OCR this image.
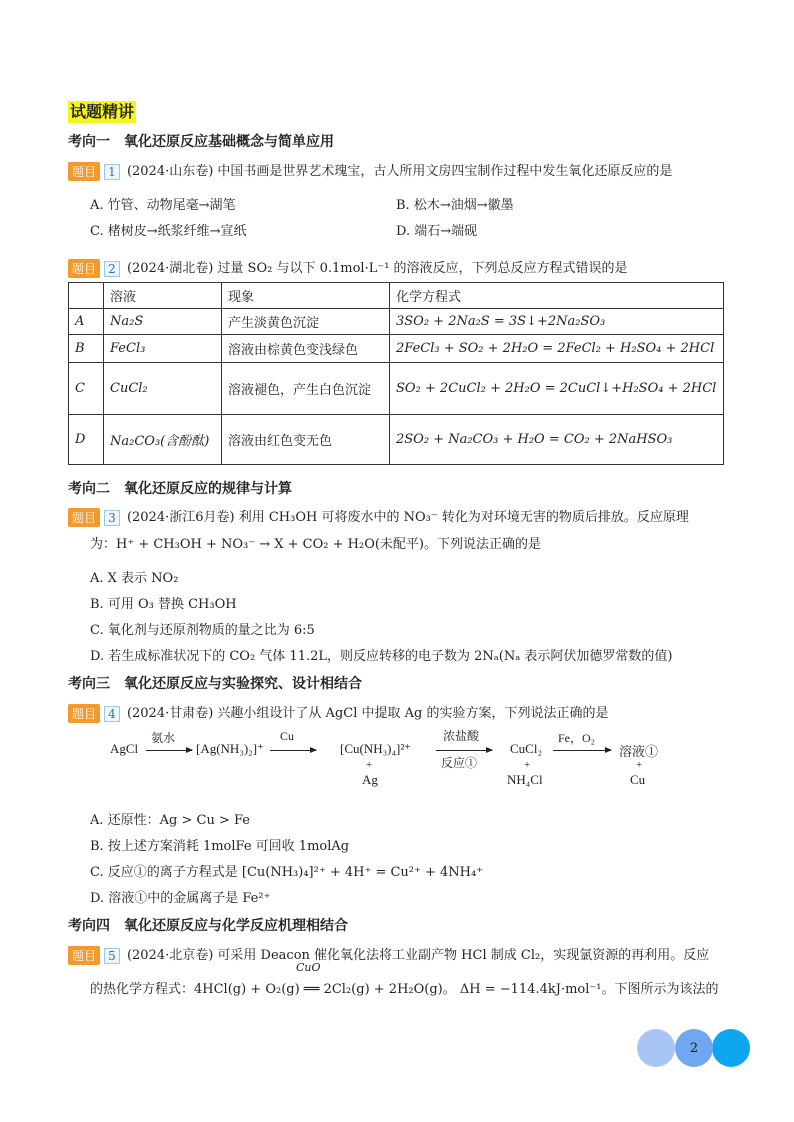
试题精讲
考向一　氧化还原反应基础概念与简单应用
题目 1 (2024·山东卷) 中国书画是世界艺术瑰宝，古人所用文房四宝制作过程中发生氧化还原反应的是
A. 竹管、动物尾毫→湖笔	B. 松木→油烟→徽墨
C. 楮树皮→纸浆纤维→宣纸	D. 端石→端砚
题目 2 (2024·湖北卷) 过量 SO₂ 与以下 0.1mol·L⁻¹ 的溶液反应，下列总反应方程式错误的是
	溶液	现象	化学方程式
A	Na₂S	产生淡黄色沉淀	3SO₂ + 2Na₂S = 3S↓+2Na₂SO₃
B	FeCl₃	溶液由棕黄色变浅绿色	2FeCl₃ + SO₂ + 2H₂O = 2FeCl₂ + H₂SO₄ + 2HCl
C	CuCl₂	溶液褪色，产生白色沉淀	SO₂ + 2CuCl₂ + 2H₂O = 2CuCl↓+H₂SO₄ + 2HCl
D	Na₂CO₃(含酚酞)	溶液由红色变无色	2SO₂ + Na₂CO₃ + H₂O = CO₂ + 2NaHSO₃
考向二　氧化还原反应的规律与计算
题目 3 (2024·浙江6月卷) 利用 CH₃OH 可将废水中的 NO₃⁻ 转化为对环境无害的物质后排放。反应原理
为：H⁺ + CH₃OH + NO₃⁻ → X + CO₂ + H₂O(未配平)。下列说法正确的是
A. X 表示 NO₂
B. 可用 O₃ 替换 CH₃OH
C. 氧化剂与还原剂物质的量之比为 6:5
D. 若生成标准状况下的 CO₂ 气体 11.2L，则反应转移的电子数为 2Nₐ(Nₐ 表示阿伏加德罗常数的值)
考向三　氧化还原反应与实验探究、设计相结合
题目 4 (2024·甘肃卷) 兴趣小组设计了从 AgCl 中提取 Ag 的实验方案，下列说法正确的是
AgCl
氨水
[Ag(NH₃)₂]⁺
Cu
[Cu(NH₃)₄]²⁺
+
Ag
浓盐酸
反应①
CuCl₂
+
NH₄Cl
Fe，O₂
溶液①
+
Cu
A. 还原性：Ag > Cu > Fe
B. 按上述方案消耗 1molFe 可回收 1molAg
C. 反应①的离子方程式是 [Cu(NH₃)₄]²⁺ + 4H⁺ = Cu²⁺ + 4NH₄⁺
D. 溶液①中的金属离子是 Fe²⁺
考向四　氧化还原反应与化学反应机理相结合
题目 5 (2024·北京卷) 可采用 Deacon 催化氧化法将工业副产物 HCl 制成 Cl₂，实现氯资源的再利用。反应
CuO
的热化学方程式：4HCl(g) + O₂(g) ══ 2Cl₂(g) + 2H₂O(g)。 ΔH = −114.4kJ·mol⁻¹。下图所示为该法的
2
